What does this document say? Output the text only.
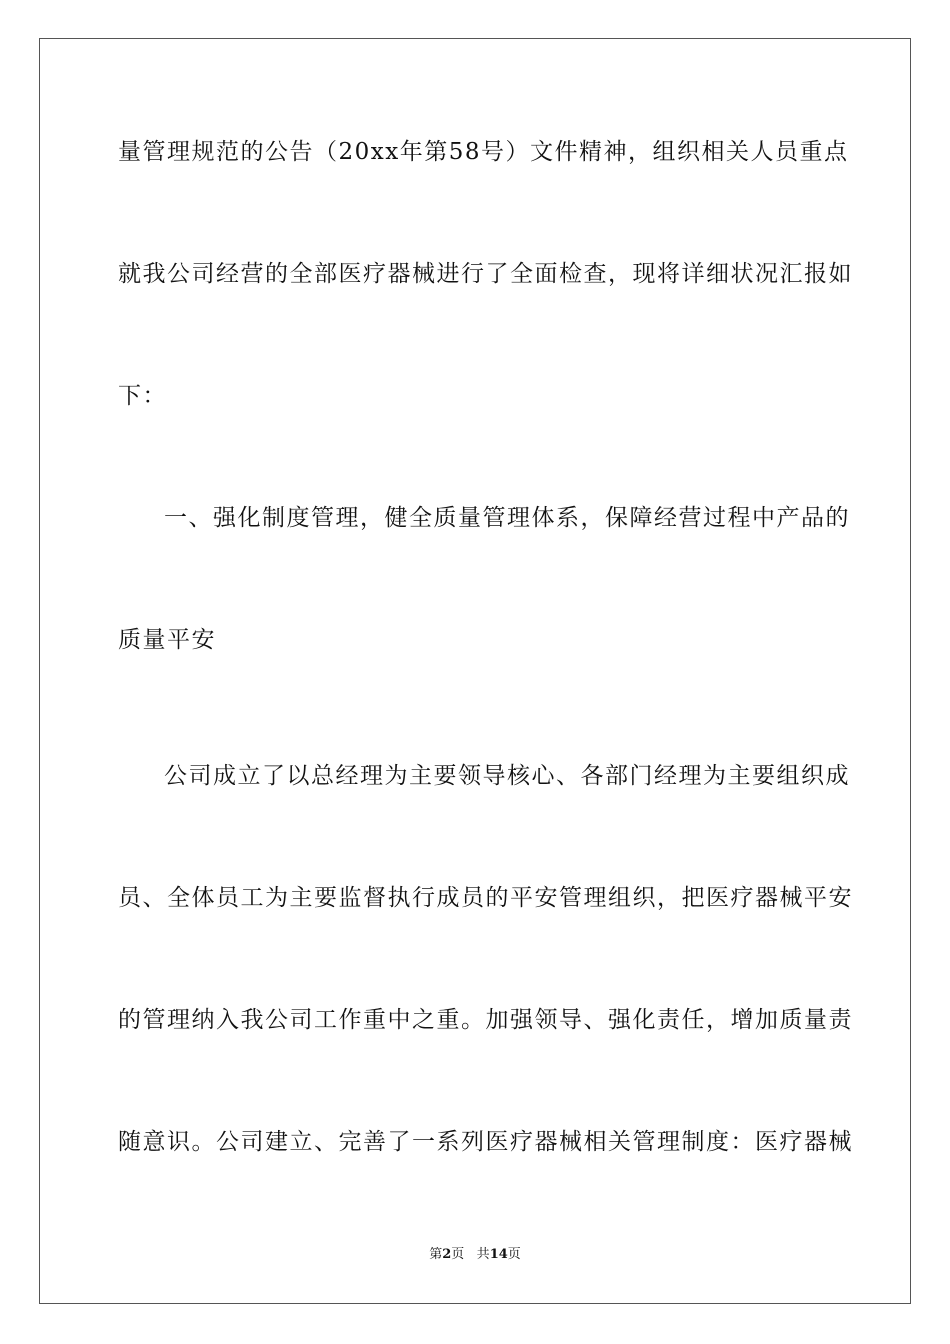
量管理规范的公告（20xx年第58号）文件精神，组织相关人员重点
就我公司经营的全部医疗器械进行了全面检查，现将详细状况汇报如
下：
一、强化制度管理，健全质量管理体系，保障经营过程中产品的
质量平安
公司成立了以总经理为主要领导核心、各部门经理为主要组织成
员、全体员工为主要监督执行成员的平安管理组织，把医疗器械平安
的管理纳入我公司工作重中之重。加强领导、强化责任，增加质量责
随意识。公司建立、完善了一系列医疗器械相关管理制度：医疗器械
第2页 共14页
